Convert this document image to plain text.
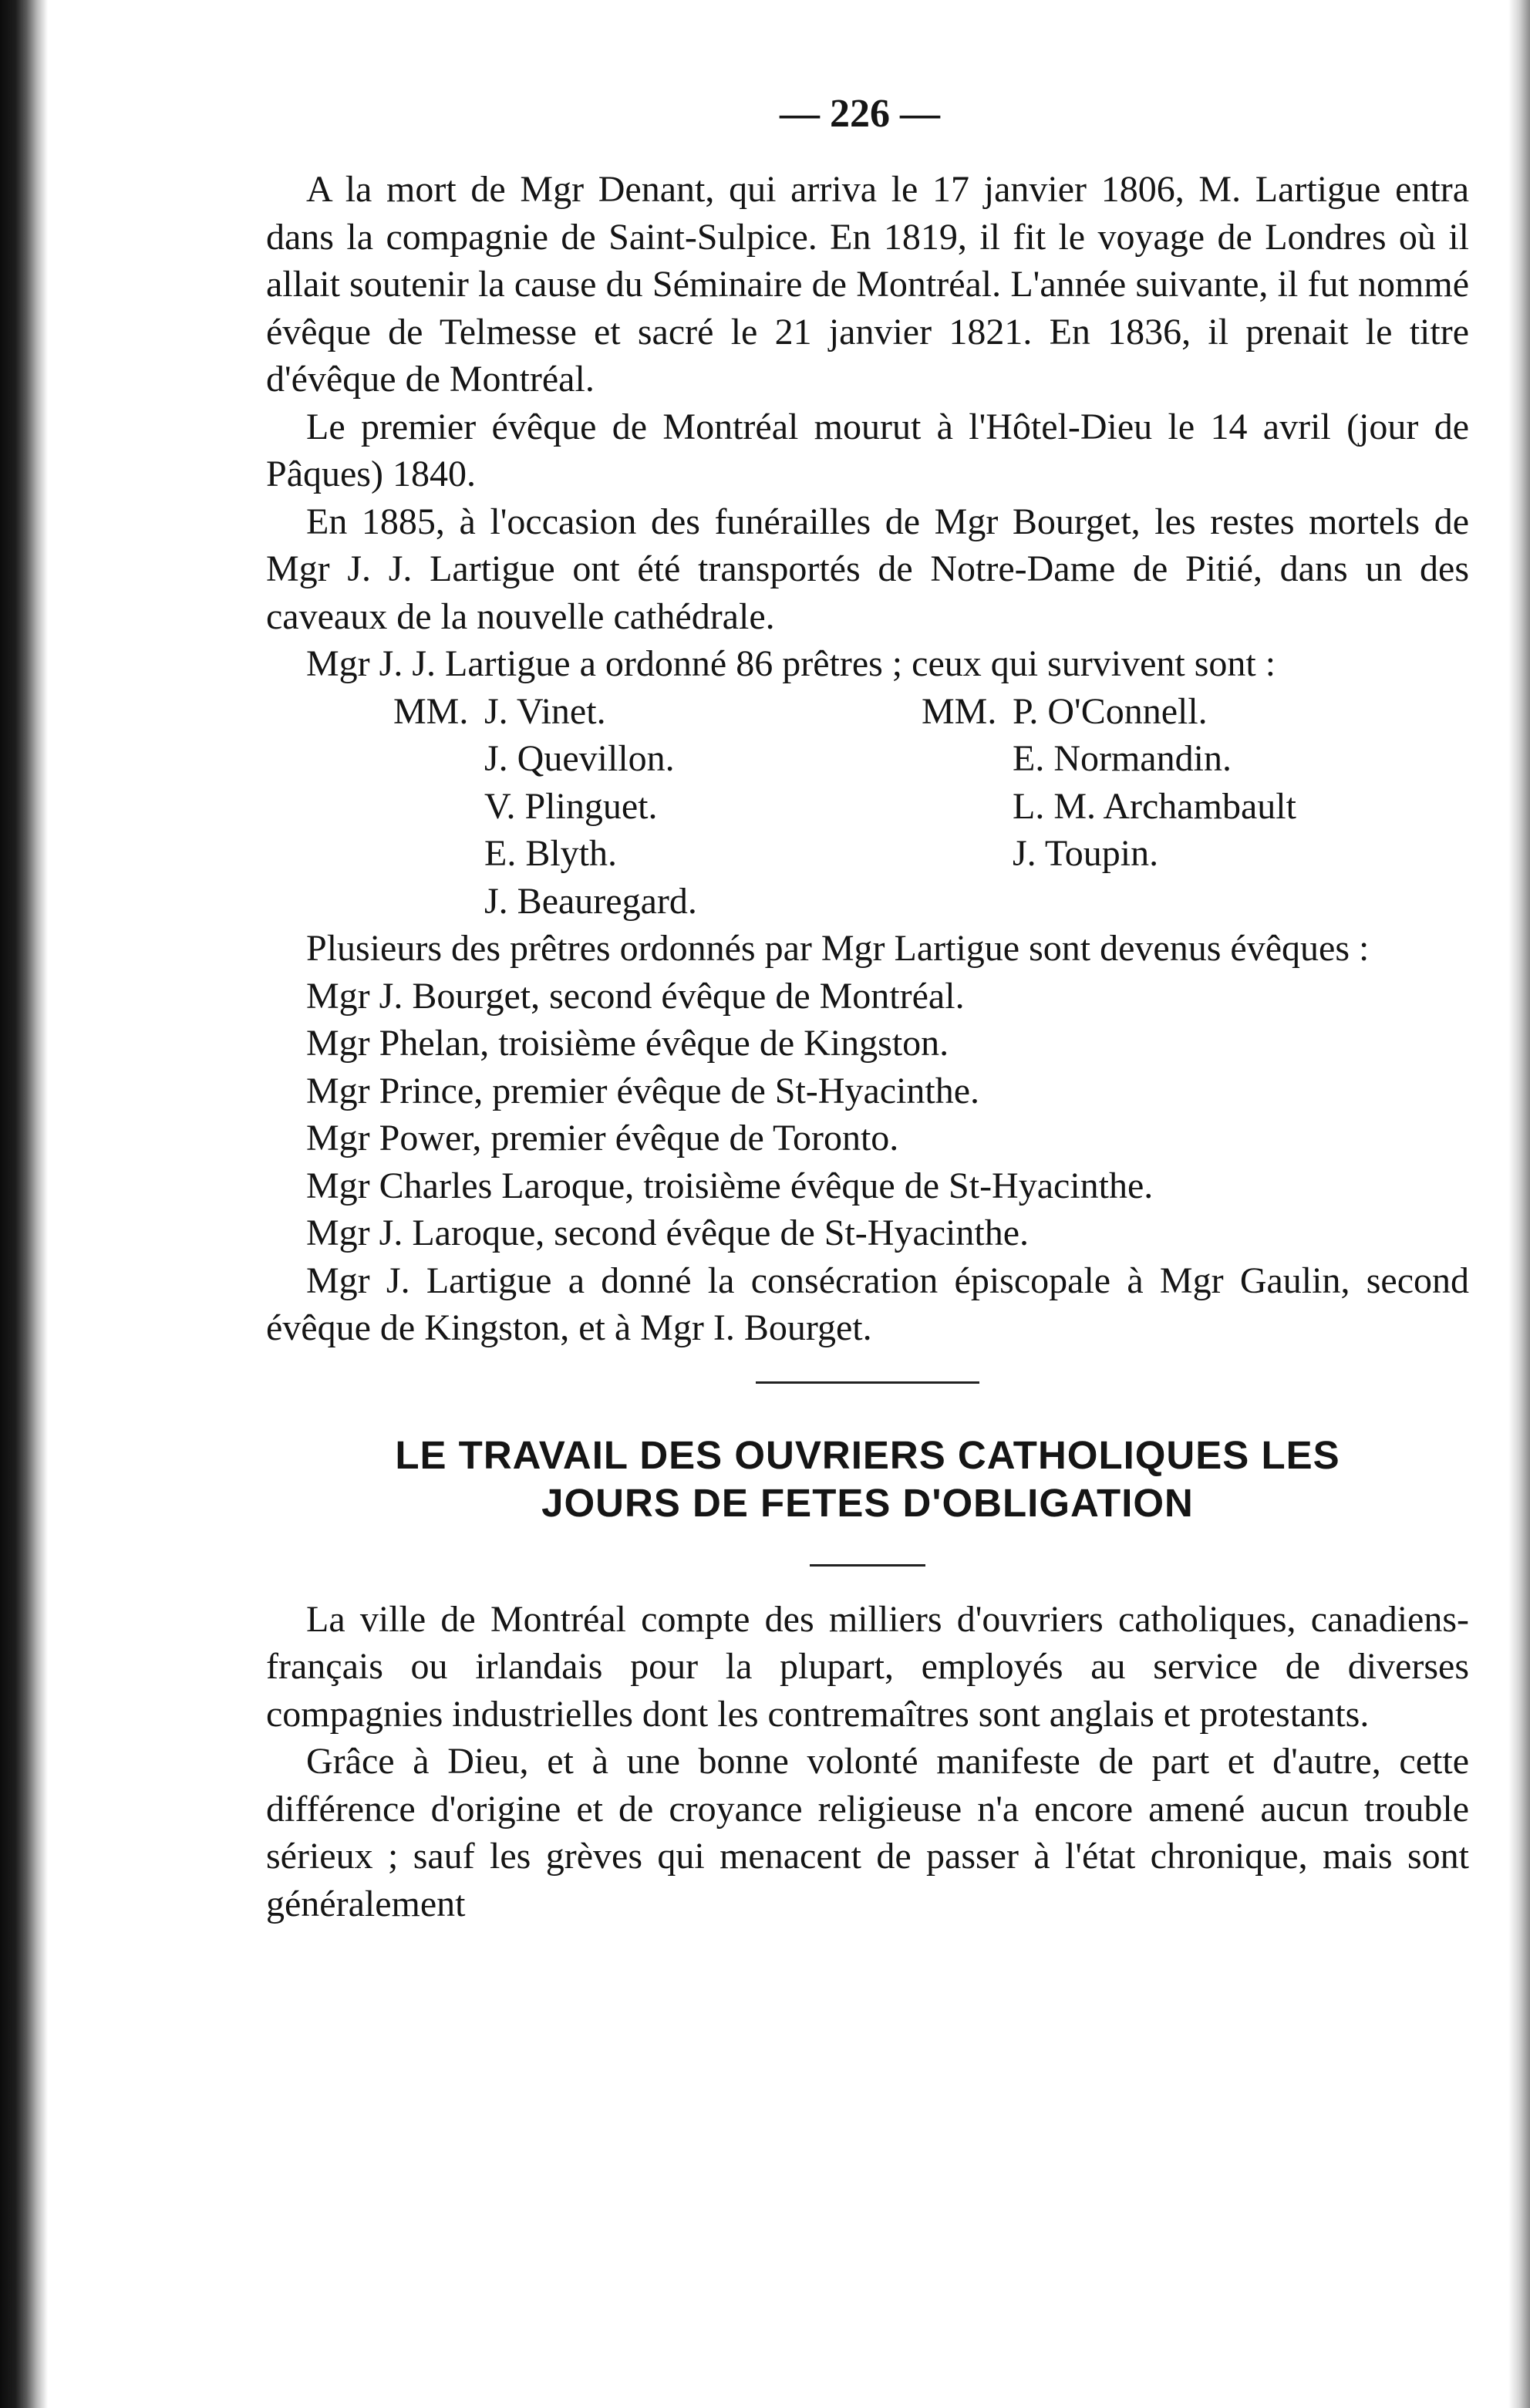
— 226 —

A la mort de Mgr Denant, qui arriva le 17 janvier 1806, M. Lartigue entra dans la compagnie de Saint-Sulpice. En 1819, il fit le voyage de Londres où il allait soutenir la cause du Séminaire de Montréal. L'année suivante, il fut nommé évêque de Telmesse et sacré le 21 janvier 1821. En 1836, il prenait le titre d'évêque de Montréal.

Le premier évêque de Montréal mourut à l'Hôtel-Dieu le 14 avril (jour de Pâques) 1840.

En 1885, à l'occasion des funérailles de Mgr Bourget, les restes mortels de Mgr J. J. Lartigue ont été transportés de Notre-Dame de Pitié, dans un des caveaux de la nouvelle cathédrale.

Mgr J. J. Lartigue a ordonné 86 prêtres ; ceux qui survivent sont :

MM. J. Vinet.
J. Quevillon.
V. Plinguet.
E. Blyth.
J. Beauregard.
MM. P. O'Connell.
E. Normandin.
L. M. Archambault
J. Toupin.

Plusieurs des prêtres ordonnés par Mgr Lartigue sont devenus évêques :

Mgr J. Bourget, second évêque de Montréal.
Mgr Phelan, troisième évêque de Kingston.
Mgr Prince, premier évêque de St-Hyacinthe.
Mgr Power, premier évêque de Toronto.
Mgr Charles Laroque, troisième évêque de St-Hyacinthe.
Mgr J. Laroque, second évêque de St-Hyacinthe.

Mgr J. Lartigue a donné la consécration épiscopale à Mgr Gaulin, second évêque de Kingston, et à Mgr I. Bourget.

LE TRAVAIL DES OUVRIERS CATHOLIQUES LES
JOURS DE FETES D'OBLIGATION

La ville de Montréal compte des milliers d'ouvriers catholiques, canadiens-français ou irlandais pour la plupart, employés au service de diverses compagnies industrielles dont les contremaîtres sont anglais et protestants.

Grâce à Dieu, et à une bonne volonté manifeste de part et d'autre, cette différence d'origine et de croyance religieuse n'a encore amené aucun trouble sérieux ; sauf les grèves qui menacent de passer à l'état chronique, mais sont généralement
